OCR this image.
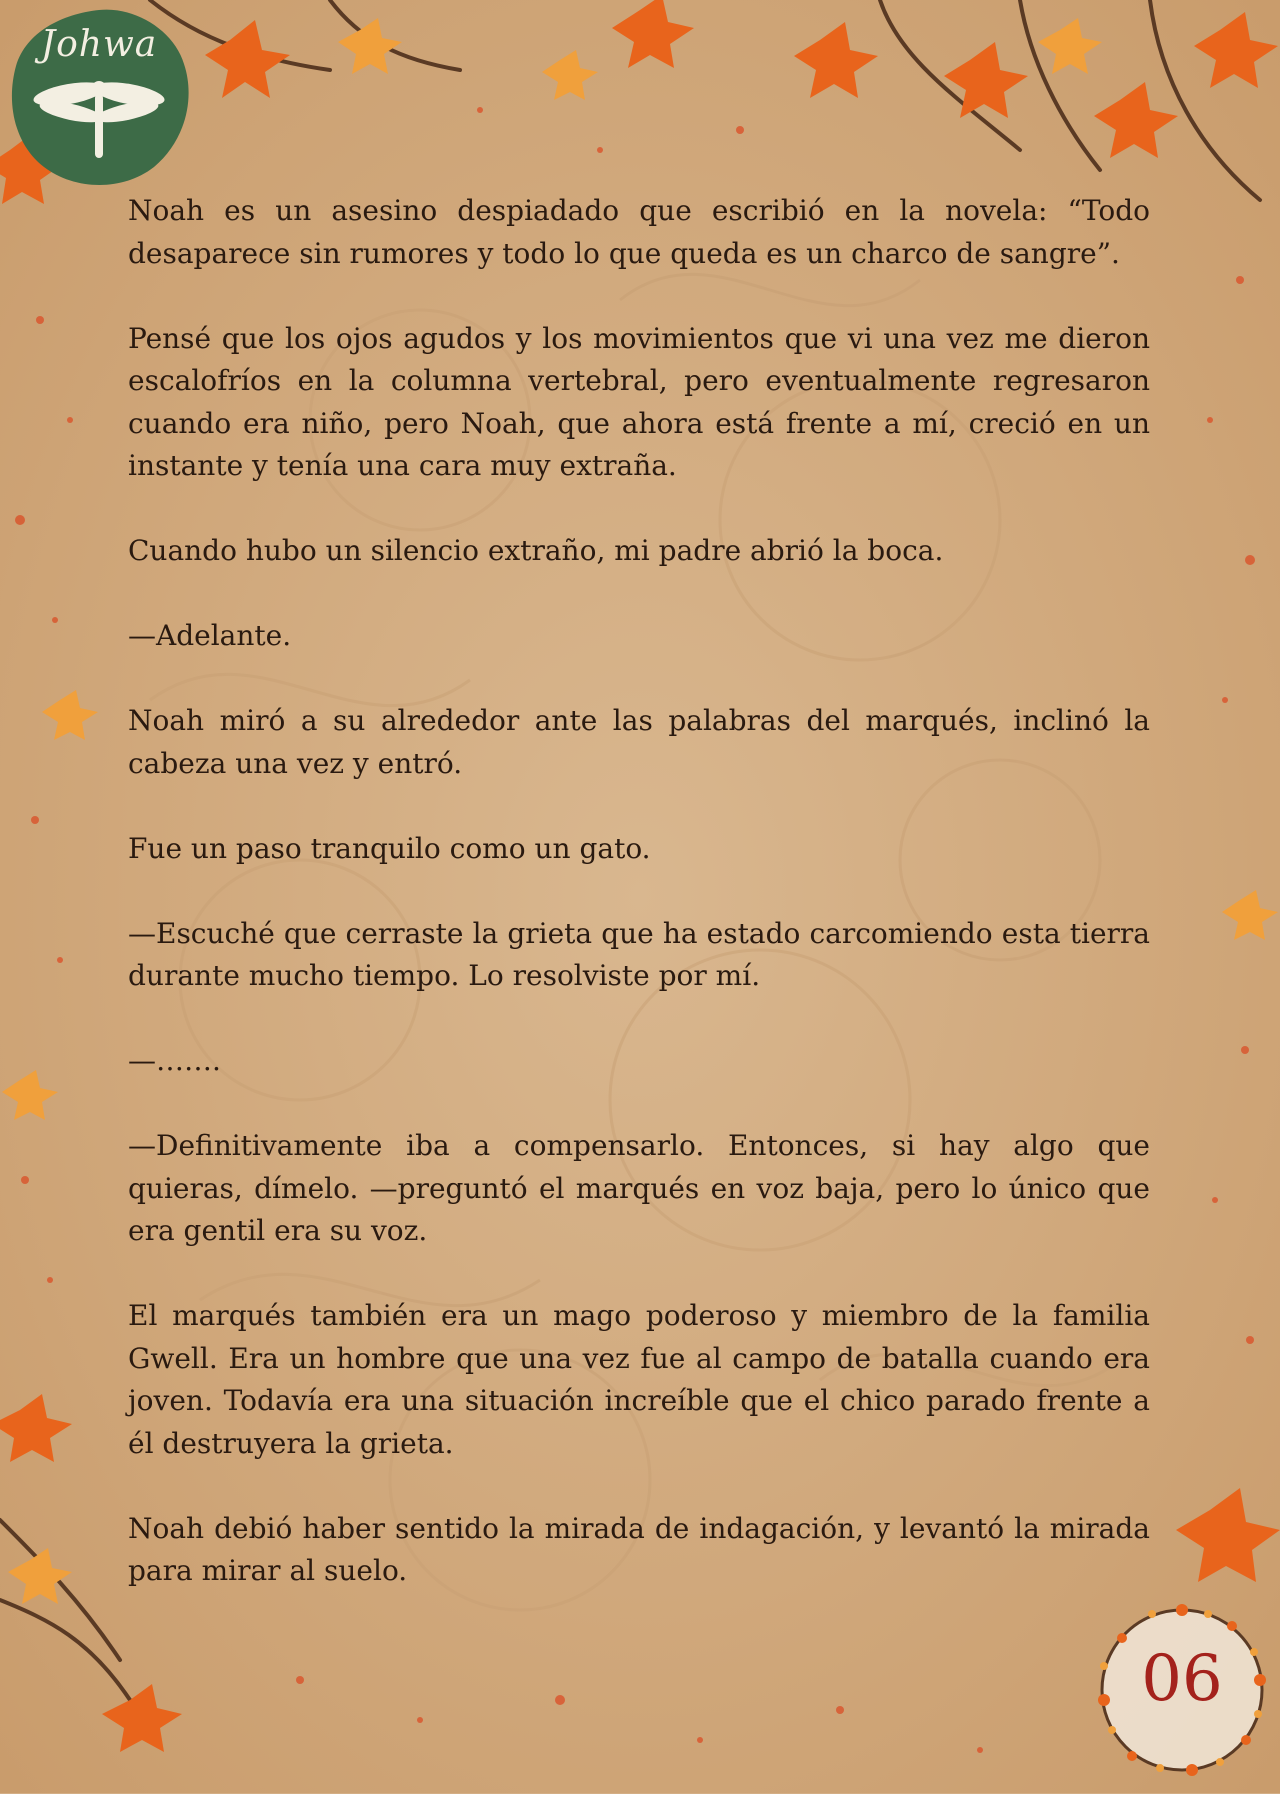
Johwa

Noah es un asesino despiadado que escribió en la novela: “Todo desaparece sin rumores y todo lo que queda es un charco de sangre”.

Pensé que los ojos agudos y los movimientos que vi una vez me dieron escalofríos en la columna vertebral, pero eventualmente regresaron cuando era niño, pero Noah, que ahora está frente a mí, creció en un instante y tenía una cara muy extraña.

Cuando hubo un silencio extraño, mi padre abrió la boca.

—Adelante.

Noah miró a su alrededor ante las palabras del marqués, inclinó la cabeza una vez y entró.

Fue un paso tranquilo como un gato.

—Escuché que cerraste la grieta que ha estado carcomiendo esta tierra durante mucho tiempo. Lo resolviste por mí.

—…….

—Definitivamente iba a compensarlo. Entonces, si hay algo que quieras, dímelo. —preguntó el marqués en voz baja, pero lo único que era gentil era su voz.

El marqués también era un mago poderoso y miembro de la familia Gwell. Era un hombre que una vez fue al campo de batalla cuando era joven. Todavía era una situación increíble que el chico parado frente a él destruyera la grieta.

Noah debió haber sentido la mirada de indagación, y levantó la mirada para mirar al suelo.

06
